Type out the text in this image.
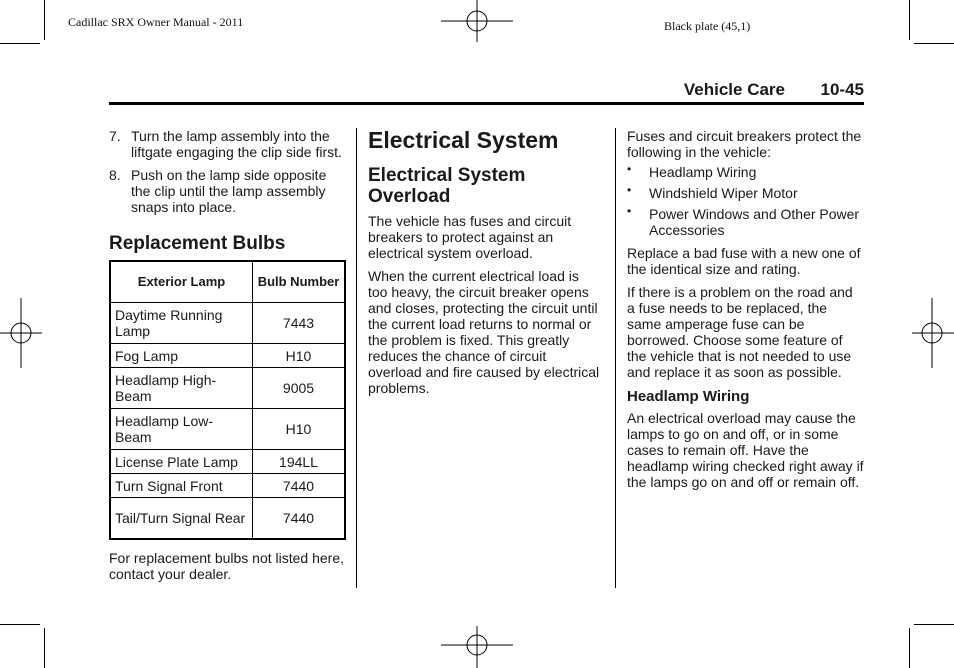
Cadillac SRX Owner Manual - 2011	Black plate (45,1)
Vehicle Care 10-45
7. Turn the lamp assembly into the liftgate engaging the clip side first.
8. Push on the lamp side opposite the clip until the lamp assembly snaps into place.
Replacement Bulbs
Exterior Lamp	Bulb Number
Daytime Running Lamp	7443
Fog Lamp	H10
Headlamp High-Beam	9005
Headlamp Low-Beam	H10
License Plate Lamp	194LL
Turn Signal Front	7440
Tail/Turn Signal Rear	7440

For replacement bulbs not listed here, contact your dealer.

Electrical System
Electrical System Overload

The vehicle has fuses and circuit breakers to protect against an electrical system overload.

When the current electrical load is too heavy, the circuit breaker opens and closes, protecting the circuit until the current load returns to normal or the problem is fixed. This greatly reduces the chance of circuit overload and fire caused by electrical problems.

Fuses and circuit breakers protect the following in the vehicle:

• Headlamp Wiring
• Windshield Wiper Motor
• Power Windows and Other Power Accessories

Replace a bad fuse with a new one of the identical size and rating.

If there is a problem on the road and a fuse needs to be replaced, the same amperage fuse can be borrowed. Choose some feature of the vehicle that is not needed to use and replace it as soon as possible.

Headlamp Wiring

An electrical overload may cause the lamps to go on and off, or in some cases to remain off. Have the headlamp wiring checked right away if the lamps go on and off or remain off.
